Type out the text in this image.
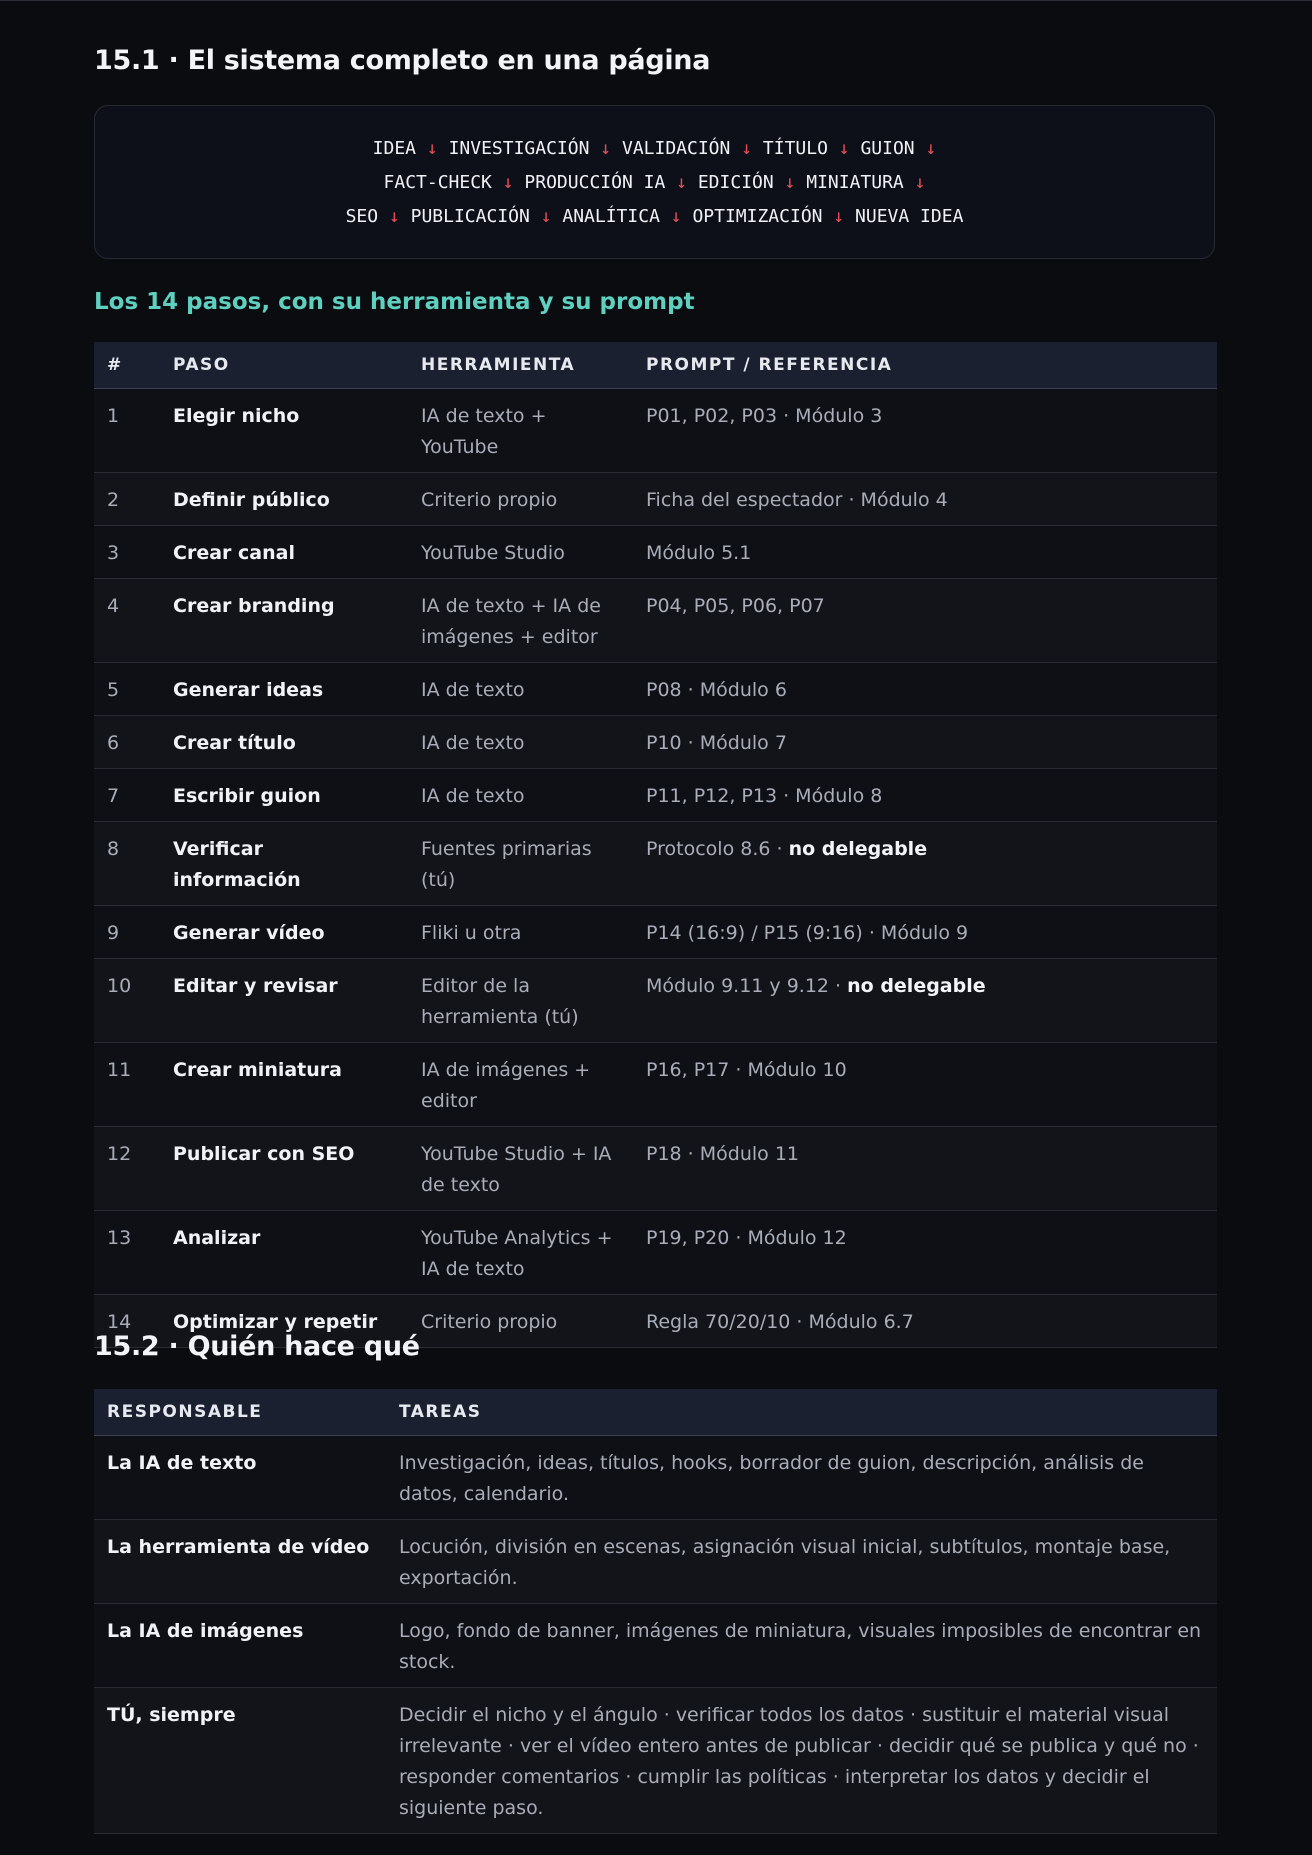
15.1 · El sistema completo en una página
IDEA ↓ INVESTIGACIÓN ↓ VALIDACIÓN ↓ TÍTULO ↓ GUION ↓
FACT-CHECK ↓ PRODUCCIÓN IA ↓ EDICIÓN ↓ MINIATURA ↓
SEO ↓ PUBLICACIÓN ↓ ANALÍTICA ↓ OPTIMIZACIÓN ↓ NUEVA IDEA
Los 14 pasos, con su herramienta y su prompt
#	PASO	HERRAMIENTA	PROMPT / REFERENCIA
1	Elegir nicho	IA de texto + YouTube	P01, P02, P03 · Módulo 3
2	Definir público	Criterio propio	Ficha del espectador · Módulo 4
3	Crear canal	YouTube Studio	Módulo 5.1
4	Crear branding	IA de texto + IA de imágenes + editor	P04, P05, P06, P07
5	Generar ideas	IA de texto	P08 · Módulo 6
6	Crear título	IA de texto	P10 · Módulo 7
7	Escribir guion	IA de texto	P11, P12, P13 · Módulo 8
8	Verificar información	Fuentes primarias (tú)	Protocolo 8.6 · no delegable
9	Generar vídeo	Fliki u otra	P14 (16:9) / P15 (9:16) · Módulo 9
10	Editar y revisar	Editor de la herramienta (tú)	Módulo 9.11 y 9.12 · no delegable
11	Crear miniatura	IA de imágenes + editor	P16, P17 · Módulo 10
12	Publicar con SEO	YouTube Studio + IA de texto	P18 · Módulo 11
13	Analizar	YouTube Analytics + IA de texto	P19, P20 · Módulo 12
14	Optimizar y repetir	Criterio propio	Regla 70/20/10 · Módulo 6.7
15.2 · Quién hace qué
RESPONSABLE	TAREAS
La IA de texto	Investigación, ideas, títulos, hooks, borrador de guion, descripción, análisis de datos, calendario.
La herramienta de vídeo	Locución, división en escenas, asignación visual inicial, subtítulos, montaje base, exportación.
La IA de imágenes	Logo, fondo de banner, imágenes de miniatura, visuales imposibles de encontrar en stock.
TÚ, siempre	Decidir el nicho y el ángulo · verificar todos los datos · sustituir el material visual irrelevante · ver el vídeo entero antes de publicar · decidir qué se publica y qué no · responder comentarios · cumplir las políticas · interpretar los datos y decidir el siguiente paso.
